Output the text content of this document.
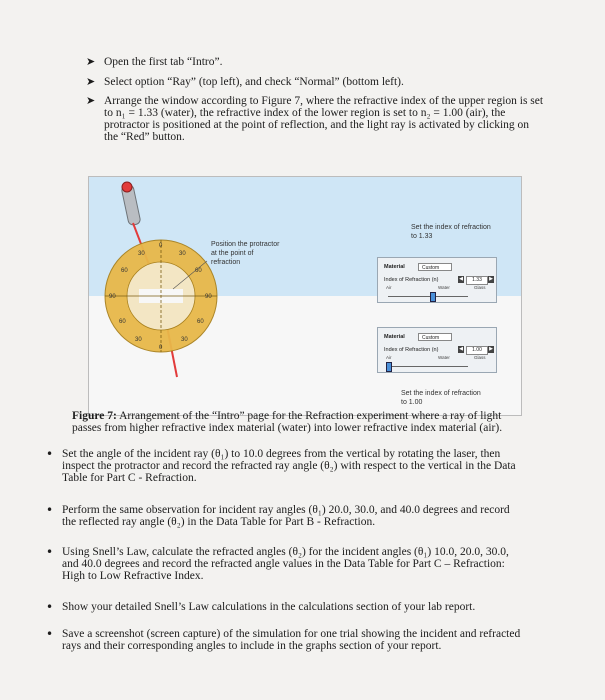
➤ Open the first tab “Intro”.
➤ Select option “Ray” (top left), and check “Normal” (bottom left).
➤ Arrange the window according to Figure 7, where the refractive index of the upper region is set to n₁ = 1.33 (water), the refractive index of the lower region is set to n₂ = 1.00 (air), the protractor is positioned at the point of reflection, and the light ray is activated by clicking on the “Red” button.
0
30	30
60	60
90	90
60	60
30	30
0
Position the protractor at the point of refraction
Set the index of refraction to 1.33
Material	Custom
Index of Refraction (n)	◀	1.33	▶
Air	Water	Glass
Material	Custom
Index of Refraction (n)	◀	1.00	▶
Air	Water	Glass
Set the index of refraction to 1.00
Figure 7: Arrangement of the “Intro” page for the Refraction experiment where a ray of light passes from higher refractive index material (water) into lower refractive index material (air).
• Set the angle of the incident ray (θ₁) to 10.0 degrees from the vertical by rotating the laser, then inspect the protractor and record the refracted ray angle (θ₂) with respect to the vertical in the Data Table for Part C - Refraction.
• Perform the same observation for incident ray angles (θ₁) 20.0, 30.0, and 40.0 degrees and record the reflected ray angle (θ₂) in the Data Table for Part B - Refraction.
• Using Snell’s Law, calculate the refracted angles (θ₂) for the incident angles (θ₁) 10.0, 20.0, 30.0, and 40.0 degrees and record the refracted angle values in the Data Table for Part C – Refraction: High to Low Refractive Index.
• Show your detailed Snell’s Law calculations in the calculations section of your lab report.
• Save a screenshot (screen capture) of the simulation for one trial showing the incident and refracted rays and their corresponding angles to include in the graphs section of your report.
